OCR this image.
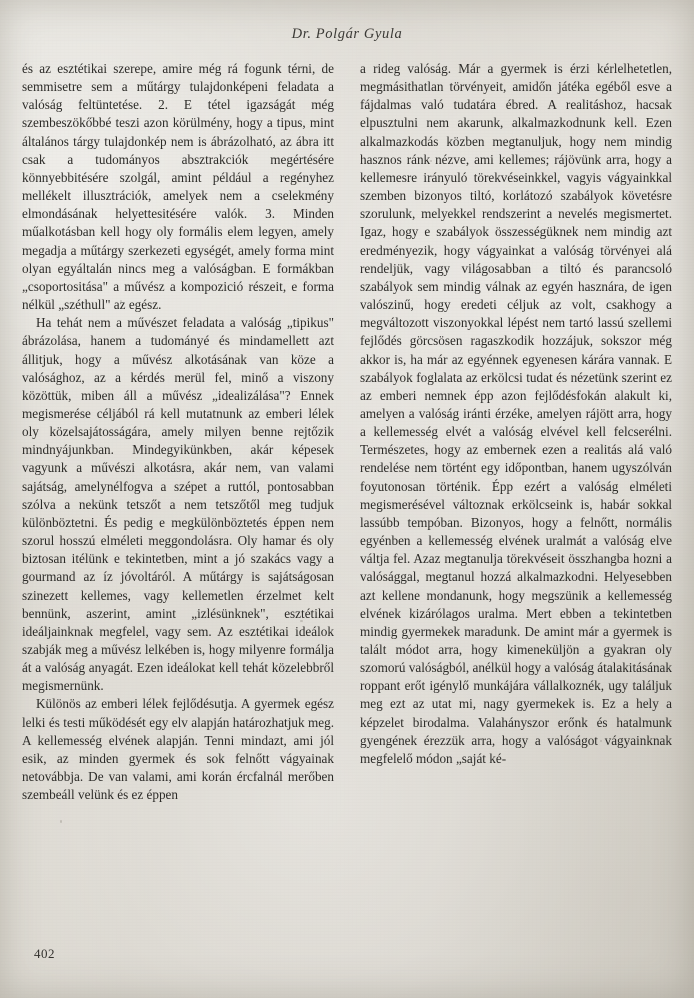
Dr. Polgár Gyula

és az esztétikai szerepe, amire még rá fogunk térni, de semmisetre sem a műtárgy tulajdonképeni feladata a valóság feltüntetése. 2. E tétel igazságát még szembeszökőbbé teszi azon körülmény, hogy a tipus, mint általános tárgy tulajdonkép nem is ábrázolható, az ábra itt csak a tudományos absztrakciók megértésére könnyebbitésére szolgál, amint például a regényhez mellékelt illusztrációk, amelyek nem a cselekmény elmondásának helyettesitésére valók. 3. Minden műalkotásban kell hogy oly formális elem legyen, amely megadja a műtárgy szerkezeti egységét, amely forma mint olyan egyáltalán nincs meg a valóságban. E formákban „csoportositása" a művész a kompozició részeit, e forma nélkül „széthull" az egész.

Ha tehát nem a művészet feladata a valóság „tipikus" ábrázolása, hanem a tudományé és mindamellett azt állitjuk, hogy a művész alkotásának van köze a valósághoz, az a kérdés merül fel, minő a viszony közöttük, miben áll a művész „idealizálása"? Ennek megismerése céljából rá kell mutatnunk az emberi lélek oly közelsajátosságára, amely milyen benne rejtőzik mindnyájunkban. Mindegyikünkben, akár képesek vagyunk a művészi alkotásra, akár nem, van valami sajátság, amelynélfogva a szépet a ruttól, pontosabban szólva a nekünk tetszőt a nem tetszőtől meg tudjuk különböztetni. És pedig e megkülönböztetés éppen nem szorul hosszú elméleti meggondolásra. Oly hamar és oly biztosan itélünk e tekintetben, mint a jó szakács vagy a gourmand az íz jóvoltáról. A műtárgy is sajátságosan szinezett kellemes, vagy kellemetlen érzelmet kelt bennünk, aszerint, amint „izlésünknek", esztétikai ideáljainknak megfelel, vagy sem. Az esztétikai ideálok szabják meg a művész lelkében is, hogy milyenre formálja át a valóság anyagát. Ezen ideálokat kell tehát közelebbről megismernünk.

Különös az emberi lélek fejlődésutja. A gyermek egész lelki és testi működését egy elv alapján határozhatjuk meg. A kellemesség elvének alapján. Tenni mindazt, ami jól esik, az minden gyermek és sok felnőtt vágyainak netovábbja. De van valami, ami korán ércfalnál merőben szembeáll velünk és ez éppen

a rideg valóság. Már a gyermek is érzi kérlelhetetlen, megmásithatlan törvényeit, amidőn játéka egéből esve a fájdalmas való tudatára ébred. A realitáshoz, hacsak elpusztulni nem akarunk, alkalmazkodnunk kell. Ezen alkalmazkodás közben megtanuljuk, hogy nem mindig hasznos ránk nézve, ami kellemes; rájövünk arra, hogy a kellemesre irányuló törekvéseinkkel, vagyis vágyainkkal szemben bizonyos tiltó, korlátozó szabályok követésre szorulunk, melyekkel rendszerint a nevelés megismertet. Igaz, hogy e szabályok összességüknek nem mindig azt eredményezik, hogy vágyainkat a valóság törvényei alá rendeljük, vagy világosabban a tiltó és parancsoló szabályok sem mindig válnak az egyén hasznára, de igen valószinű, hogy eredeti céljuk az volt, csakhogy a megváltozott viszonyokkal lépést nem tartó lassú szellemi fejlődés görcsösen ragaszkodik hozzájuk, sokszor még akkor is, ha már az egyénnek egyenesen kárára vannak. E szabályok foglalata az erkölcsi tudat és nézetünk szerint ez az emberi nemnek épp azon fejlődésfokán alakult ki, amelyen a valóság iránti érzéke, amelyen rájött arra, hogy a kellemesség elvét a valóság elvével kell felcserélni. Természetes, hogy az embernek ezen a realitás alá való rendelése nem történt egy időpontban, hanem ugyszólván foyutonosan történik. Épp ezért a valóság elméleti megismerésével változnak erkölcseink is, habár sokkal lassúbb tempóban. Bizonyos, hogy a felnőtt, normális egyénben a kellemesség elvének uralmát a valóság elve váltja fel. Azaz megtanulja törekvéseit összhangba hozni a valósággal, megtanul hozzá alkalmazkodni. Helyesebben azt kellene mondanunk, hogy megszünik a kellemesség elvének kizárólagos uralma. Mert ebben a tekintetben mindig gyermekek maradunk. De amint már a gyermek is talált módot arra, hogy kimeneküljön a gyakran oly szomorú valóságból, anélkül hogy a valóság átalakitásának roppant erőt igénylő munkájára vállalkoznék, ugy találjuk meg ezt az utat mi, nagy gyermekek is. Ez a hely a képzelet birodalma. Valahányszor erőnk és hatalmunk gyengének érezzük arra, hogy a valóságot vágyainknak megfelelő módon „saját ké-

402
